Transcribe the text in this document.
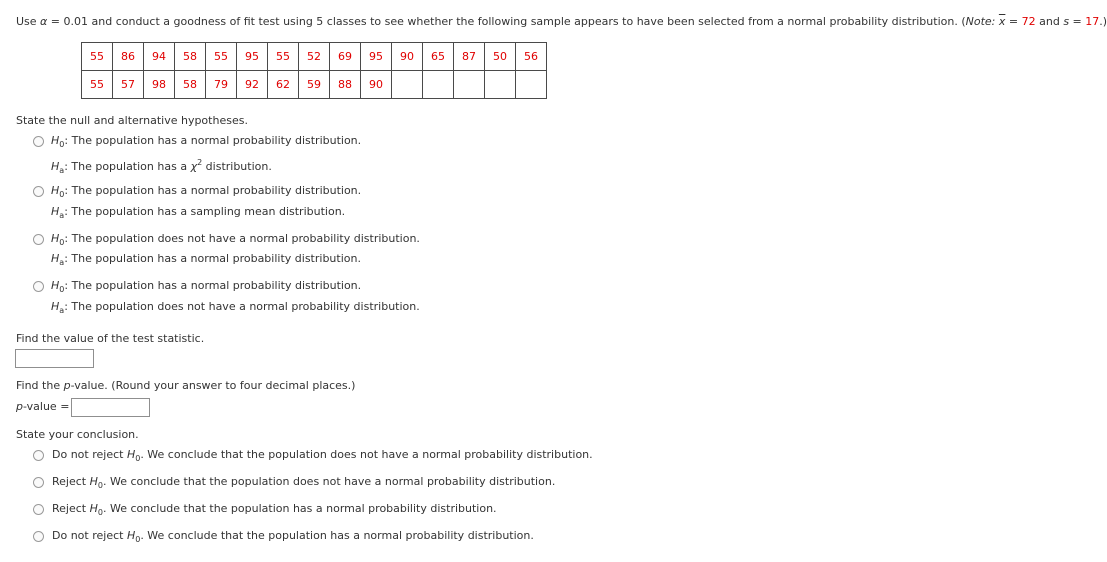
Use α = 0.01 and conduct a goodness of fit test using 5 classes to see whether the following sample appears to have been selected from a normal probability distribution. (Note: $\overline{x} = 72$ and s = 17.)
55	86	94	58	55	95	55	52	69	95	90	65	87	50	56
55	57	98	58	79	92	62	59	88	90					
State the null and alternative hypotheses.
$H_0$: The population has a normal probability distribution.
$H_a$: The population has a $\chi^2$ distribution.
$H_0$: The population has a normal probability distribution.
$H_a$: The population has a sampling mean distribution.
$H_0$: The population does not have a normal probability distribution.
$H_a$: The population has a normal probability distribution.
$H_0$: The population has a normal probability distribution.
$H_a$: The population does not have a normal probability distribution.
Find the value of the test statistic.
Find the p-value. (Round your answer to four decimal places.)
p-value =
State your conclusion.
Do not reject $H_0$. We conclude that the population does not have a normal probability distribution.
Reject $H_0$. We conclude that the population does not have a normal probability distribution.
Reject $H_0$. We conclude that the population has a normal probability distribution.
Do not reject $H_0$. We conclude that the population has a normal probability distribution.
